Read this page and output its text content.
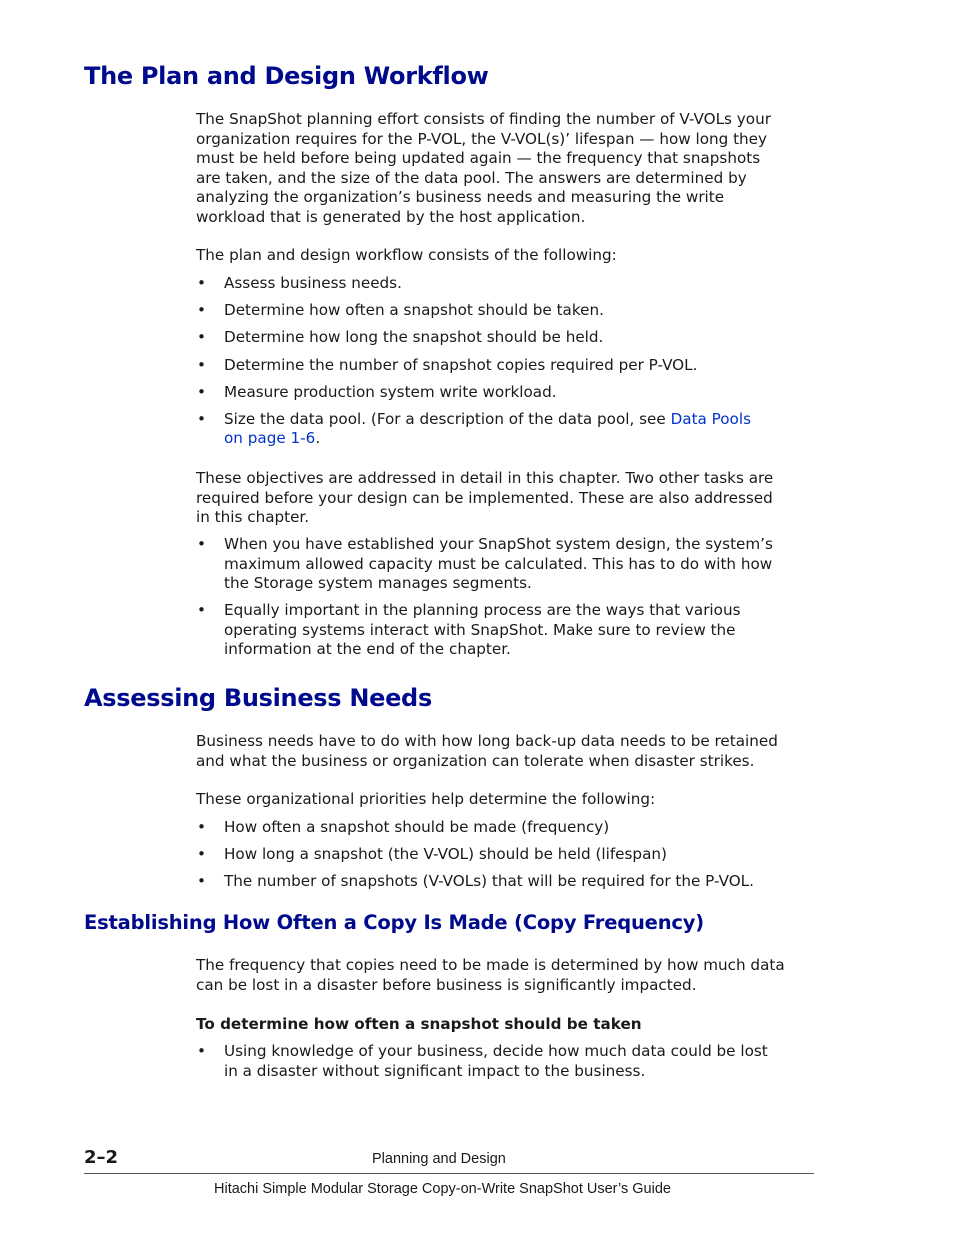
The Plan and Design Workflow

The SnapShot planning effort consists of finding the number of V-VOLs your
organization requires for the P-VOL, the V-VOL(s)’ lifespan — how long they
must be held before being updated again — the frequency that snapshots
are taken, and the size of the data pool. The answers are determined by
analyzing the organization’s business needs and measuring the write
workload that is generated by the host application.

The plan and design workflow consists of the following:

• Assess business needs.
• Determine how often a snapshot should be taken.
• Determine how long the snapshot should be held.
• Determine the number of snapshot copies required per P-VOL.
• Measure production system write workload.
• Size the data pool. (For a description of the data pool, see Data Pools
on page 1-6.

These objectives are addressed in detail in this chapter. Two other tasks are
required before your design can be implemented. These are also addressed
in this chapter.

• When you have established your SnapShot system design, the system’s
maximum allowed capacity must be calculated. This has to do with how
the Storage system manages segments.
• Equally important in the planning process are the ways that various
operating systems interact with SnapShot. Make sure to review the
information at the end of the chapter.
Assessing Business Needs

Business needs have to do with how long back-up data needs to be retained
and what the business or organization can tolerate when disaster strikes.

These organizational priorities help determine the following:

• How often a snapshot should be made (frequency)
• How long a snapshot (the V-VOL) should be held (lifespan)
• The number of snapshots (V-VOLs) that will be required for the P-VOL.
Establishing How Often a Copy Is Made (Copy Frequency)

The frequency that copies need to be made is determined by how much data
can be lost in a disaster before business is significantly impacted.

To determine how often a snapshot should be taken

• Using knowledge of your business, decide how much data could be lost
in a disaster without significant impact to the business.
2–2	Planning and Design
Hitachi Simple Modular Storage Copy-on-Write SnapShot User’s Guide
